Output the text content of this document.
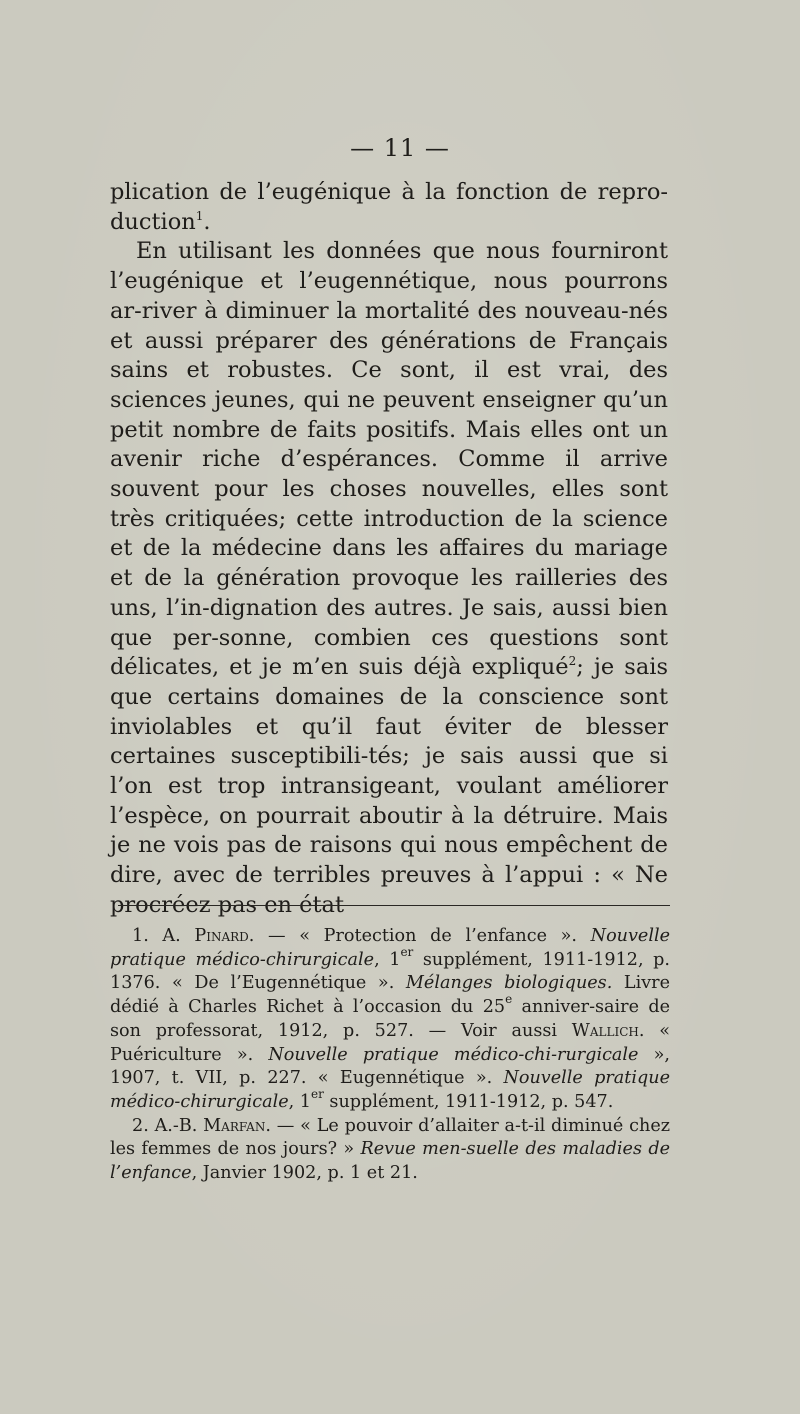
— 11 —

plication de l’eugénique à la fonction de repro-duction$^1$.

En utilisant les données que nous fourniront l’eugénique et l’eugennétique, nous pourrons ar-river à diminuer la mortalité des nouveau-nés et aussi préparer des générations de Français sains et robustes. Ce sont, il est vrai, des sciences jeunes, qui ne peuvent enseigner qu’un petit nombre de faits positifs. Mais elles ont un avenir riche d’espérances. Comme il arrive souvent pour les choses nouvelles, elles sont très critiquées; cette introduction de la science et de la médecine dans les affaires du mariage et de la génération provoque les railleries des uns, l’in-dignation des autres. Je sais, aussi bien que per-sonne, combien ces questions sont délicates, et je m’en suis déjà expliqué$^2$; je sais que certains domaines de la conscience sont inviolables et qu’il faut éviter de blesser certaines susceptibili-tés; je sais aussi que si l’on est trop intransigeant, voulant améliorer l’espèce, on pourrait aboutir à la détruire. Mais je ne vois pas de raisons qui nous empêchent de dire, avec de terribles preuves à l’appui : « Ne procréez pas en état

1. A. Pinard. — « Protection de l’enfance ». Nouvelle pratique médico-chirurgicale, 1er supplément, 1911-1912, p. 1376. « De l’Eugennétique ». Mélanges biologiques. Livre dédié à Charles Richet à l’occasion du 25e anniver-saire de son professorat, 1912, p. 527. — Voir aussi Wallich. « Puériculture ». Nouvelle pratique médico-chi-rurgicale », 1907, t. VII, p. 227. « Eugennétique ». Nouvelle pratique médico-chirurgicale, 1er supplément, 1911-1912, p. 547.

2. A.-B. Marfan. — « Le pouvoir d’allaiter a-t-il diminué chez les femmes de nos jours? » Revue men-suelle des maladies de l’enfance, Janvier 1902, p. 1 et 21.
